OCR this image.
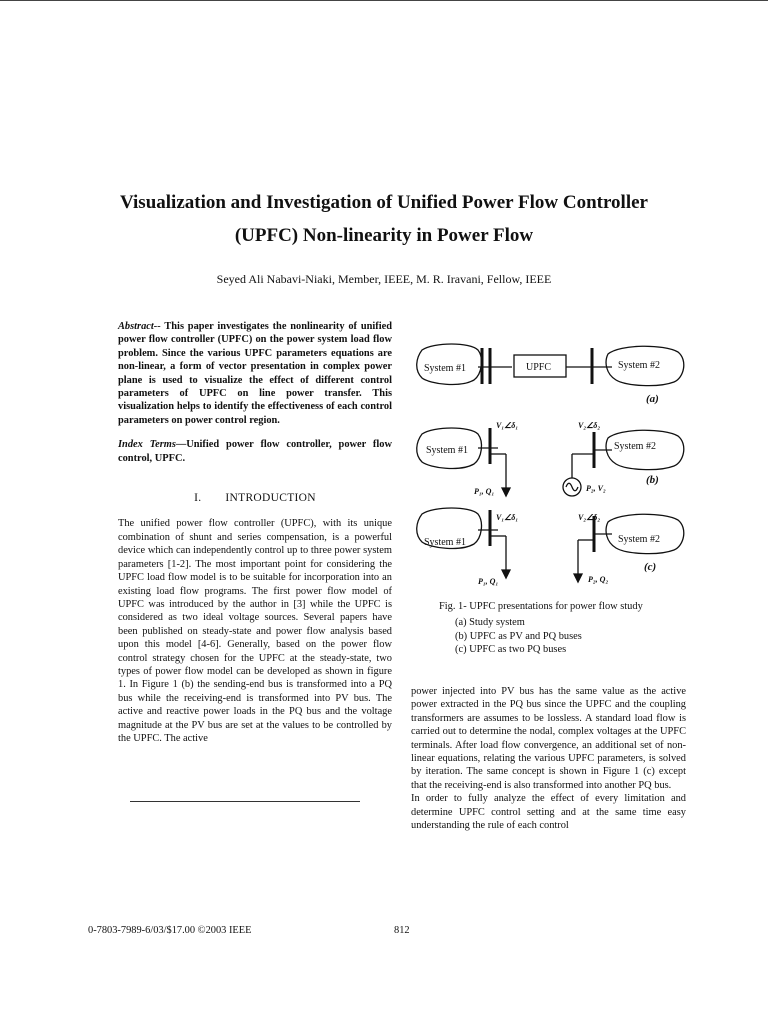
Visualization and Investigation of Unified Power Flow Controller
(UPFC) Non-linearity in Power Flow
Seyed Ali Nabavi-Niaki, Member, IEEE, M. R. Iravani, Fellow, IEEE

Abstract-- This paper investigates the nonlinearity of unified power flow controller (UPFC) on the power system load flow problem. Since the various UPFC parameters equations are non-linear, a form of vector presentation in complex power plane is used to visualize the effect of different control parameters of UPFC on line power transfer. This visualization helps to identify the effectiveness of each control parameters on power control region.

Index Terms—Unified power flow controller, power flow control, UPFC.

I. INTRODUCTION

The unified power flow controller (UPFC), with its unique combination of shunt and series compensation, is a powerful device which can independently control up to three power system parameters [1-2]. The most important point for considering the UPFC load flow model is to be suitable for incorporation into an existing load flow programs. The first power flow model of UPFC was introduced by the author in [3] while the UPFC is considered as two ideal voltage sources. Several papers have been published on steady-state and power flow analysis based upon this model [4-6]. Generally, based on the power flow control strategy chosen for the UPFC at the steady-state, two types of power flow model can be developed as shown in figure 1. In Figure 1 (b) the sending-end bus is transformed into a PQ bus while the receiving-end is transformed into PV bus. The active and reactive power loads in the PQ bus and the voltage magnitude at the PV bus are set at the values to be controlled by the UPFC. The active

System #1	UPFC	System #2
(a)
System #1
V₁∠δ₁
P₁, Q₁
V₂∠δ₂
System #2
P₂, V₂
(b)
System #1
V₁∠δ₁
P₁, Q₁
V₂∠δ₂
System #2
P₂, Q₂
(c)
Fig. 1- UPFC presentations for power flow study
(a) Study system
(b) UPFC as PV and PQ buses
(c) UPFC as two PQ buses

power injected into PV bus has the same value as the active power extracted in the PQ bus since the UPFC and the coupling transformers are assumes to be lossless. A standard load flow is carried out to determine the nodal, complex voltages at the UPFC terminals. After load flow convergence, an additional set of non-linear equations, relating the various UPFC parameters, is solved by iteration. The same concept is shown in Figure 1 (c) except that the receiving-end is also transformed into another PQ bus.

In order to fully analyze the effect of every limitation and determine UPFC control setting and at the same time easy understanding the rule of each control

0-7803-7989-6/03/$17.00 ©2003 IEEE	812
